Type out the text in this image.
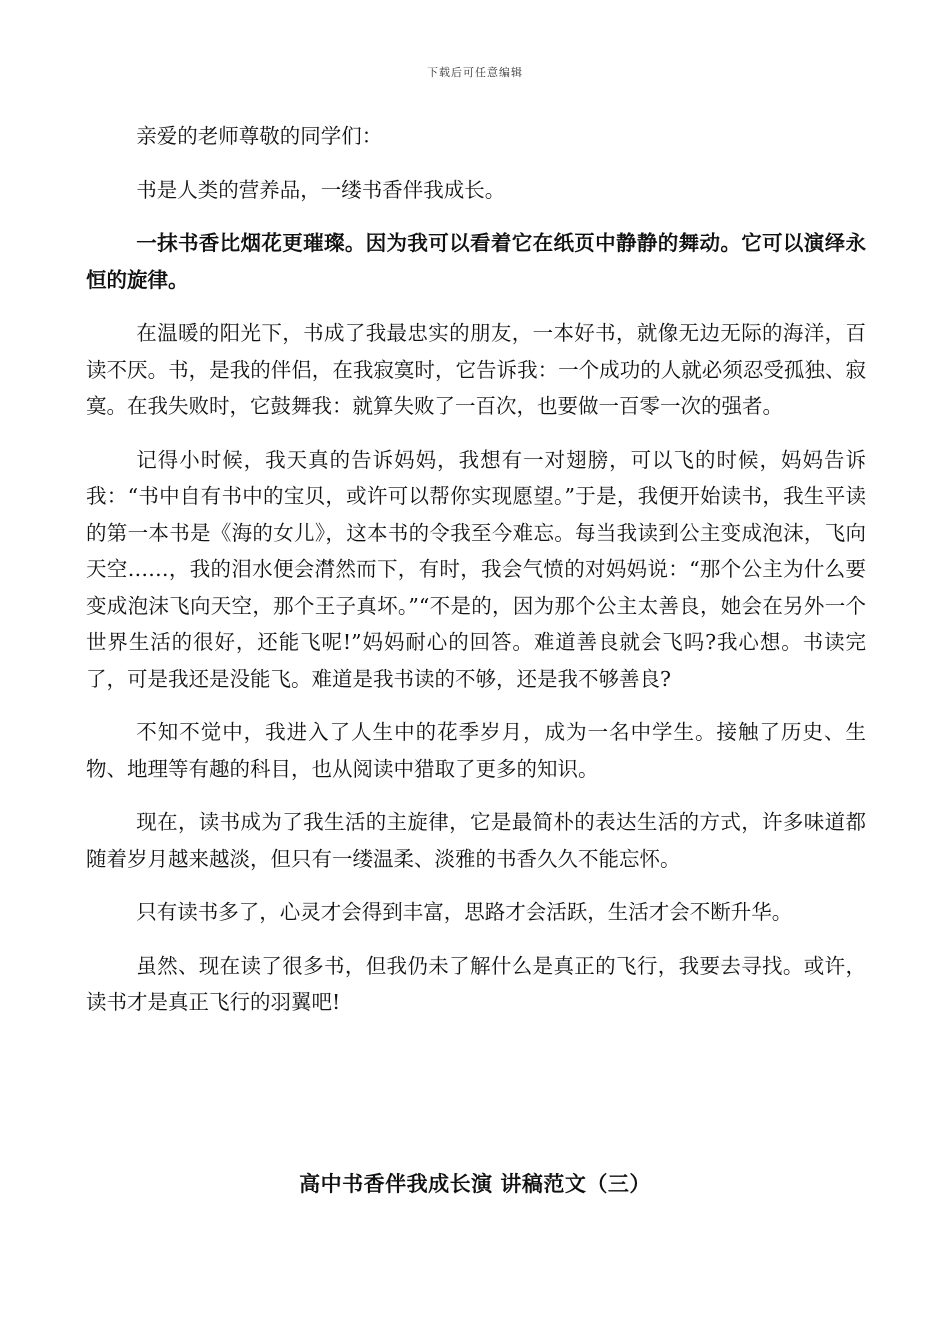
下载后可任意编辑

亲爱的老师尊敬的同学们：

书是人类的营养品，一缕书香伴我成长。

一抹书香比烟花更璀璨。因为我可以看着它在纸页中静静的舞动。它可以演绎永恒的旋律。

在温暖的阳光下，书成了我最忠实的朋友，一本好书，就像无边无际的海洋，百读不厌。书，是我的伴侣，在我寂寞时，它告诉我：一个成功的人就必须忍受孤独、寂寞。在我失败时，它鼓舞我：就算失败了一百次，也要做一百零一次的强者。

记得小时候，我天真的告诉妈妈，我想有一对翅膀，可以飞的时候，妈妈告诉我：“书中自有书中的宝贝，或许可以帮你实现愿望。”于是，我便开始读书，我生平读的第一本书是《海的女儿》，这本书的令我至今难忘。每当我读到公主变成泡沫，飞向天空……，我的泪水便会潸然而下，有时，我会气愤的对妈妈说：“那个公主为什么要变成泡沫飞向天空，那个王子真坏。”“不是的，因为那个公主太善良，她会在另外一个世界生活的很好，还能飞呢!”妈妈耐心的回答。难道善良就会飞吗?我心想。书读完了，可是我还是没能飞。难道是我书读的不够，还是我不够善良?

不知不觉中，我进入了人生中的花季岁月，成为一名中学生。接触了历史、生物、地理等有趣的科目，也从阅读中猎取了更多的知识。

现在，读书成为了我生活的主旋律，它是最简朴的表达生活的方式，许多味道都随着岁月越来越淡，但只有一缕温柔、淡雅的书香久久不能忘怀。

只有读书多了，心灵才会得到丰富，思路才会活跃，生活才会不断升华。

虽然、现在读了很多书，但我仍未了解什么是真正的飞行，我要去寻找。或许，读书才是真正飞行的羽翼吧!

高中书香伴我成长演 讲稿范文（三）
